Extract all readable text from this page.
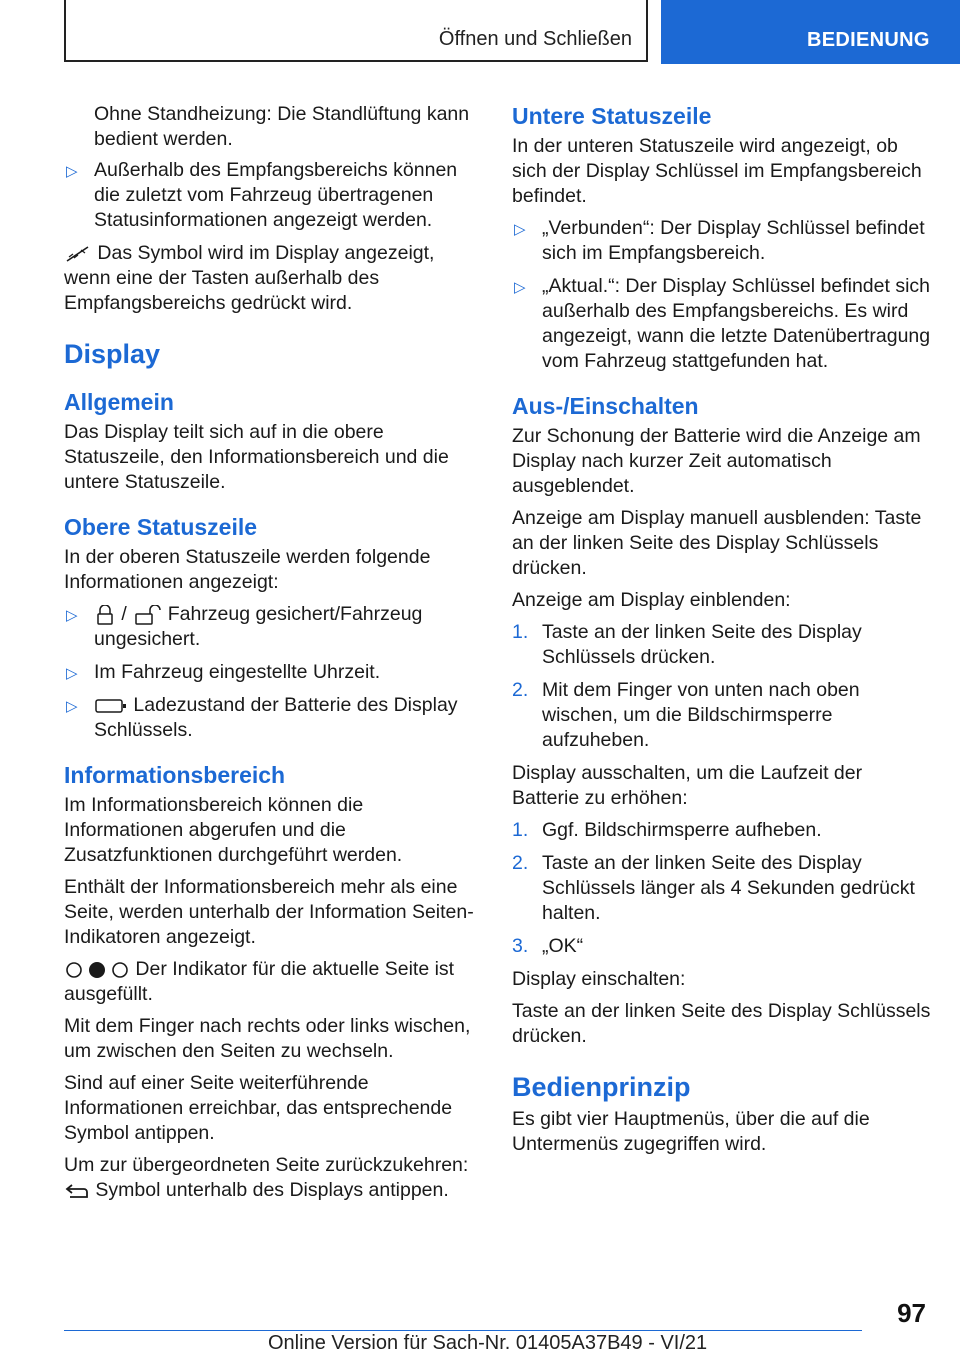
Öffnen und Schließen	BEDIENUNG

Ohne Standheizung: Die Standlüftung kann bedient werden.

▷ Außerhalb des Empfangsbereichs können die zuletzt vom Fahrzeug übertragenen Statusinformationen angezeigt werden.

Das Symbol wird im Display angezeigt, wenn eine der Tasten außerhalb des Empfangsbereichs gedrückt wird.

Display
Allgemein

Das Display teilt sich auf in die obere Statuszeile, den Informationsbereich und die untere Statuszeile.

Obere Statuszeile

In der oberen Statuszeile werden folgende Informationen angezeigt:

▷ / Fahrzeug gesichert/Fahrzeug ungesichert.
▷ Im Fahrzeug eingestellte Uhrzeit.
▷	Ladezustand der Batterie des Display Schlüssels.
Informationsbereich

Im Informationsbereich können die Informationen abgerufen und die Zusatzfunktionen durchgeführt werden.

Enthält der Informationsbereich mehr als eine Seite, werden unterhalb der Information Seiten-Indikatoren angezeigt.

Der Indikator für die aktuelle Seite ist ausgefüllt.

Mit dem Finger nach rechts oder links wischen, um zwischen den Seiten zu wechseln.

Sind auf einer Seite weiterführende Informationen erreichbar, das entsprechende Symbol antippen.

Um zur übergeordneten Seite zurückzukehren:
Symbol unterhalb des Displays antippen.

Untere Statuszeile

In der unteren Statuszeile wird angezeigt, ob sich der Display Schlüssel im Empfangsbereich befindet.

▷ „Verbunden“: Der Display Schlüssel befindet sich im Empfangsbereich.
▷ „Aktual.“: Der Display Schlüssel befindet sich außerhalb des Empfangsbereichs. Es wird angezeigt, wann die letzte Datenübertragung vom Fahrzeug stattgefunden hat.
Aus-/Einschalten

Zur Schonung der Batterie wird die Anzeige am Display nach kurzer Zeit automatisch ausgeblendet.

Anzeige am Display manuell ausblenden: Taste an der linken Seite des Display Schlüssels drücken.

Anzeige am Display einblenden:

1. Taste an der linken Seite des Display Schlüssels drücken.
2. Mit dem Finger von unten nach oben wischen, um die Bildschirmsperre aufzuheben.

Display ausschalten, um die Laufzeit der Batterie zu erhöhen:

1. Ggf. Bildschirmsperre aufheben.
2. Taste an der linken Seite des Display Schlüssels länger als 4 Sekunden gedrückt halten.
3. „OK“

Display einschalten:

Taste an der linken Seite des Display Schlüssels drücken.

Bedienprinzip

Es gibt vier Hauptmenüs, über die auf die Untermenüs zugegriffen wird.

97
Online Version für Sach-Nr. 01405A37B49 - VI/21
